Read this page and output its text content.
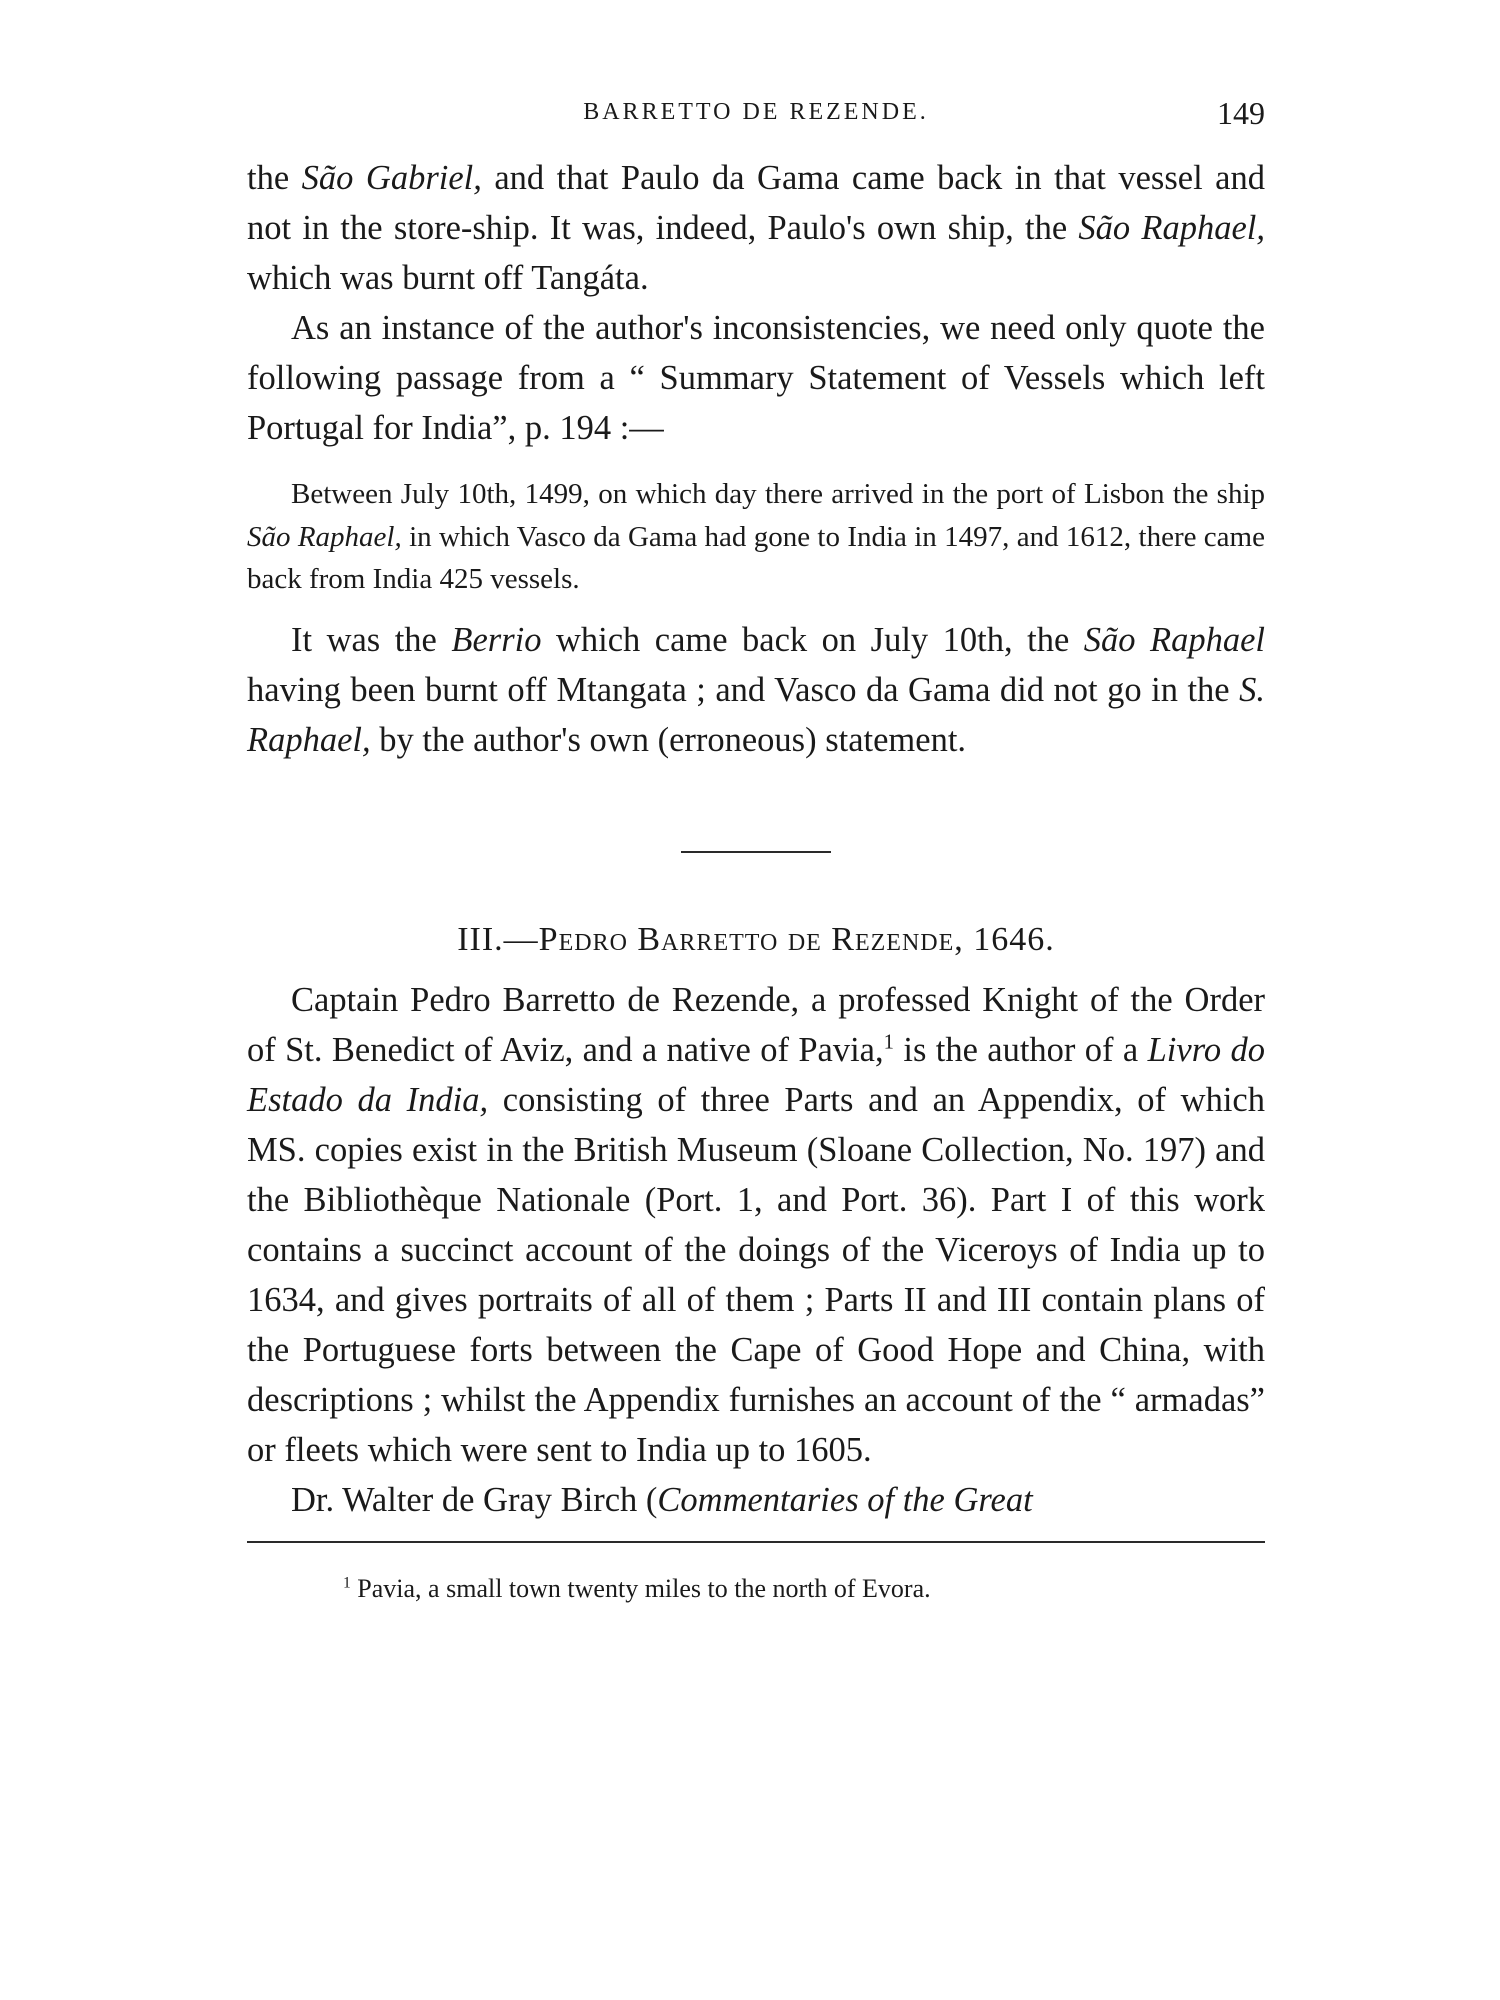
BARRETTO DE REZENDE.	149

the São Gabriel, and that Paulo da Gama came back in that vessel and not in the store-ship. It was, indeed, Paulo's own ship, the São Raphael, which was burnt off Tangáta.

As an instance of the author's inconsistencies, we need only quote the following passage from a “ Summary Statement of Vessels which left Portugal for India”, p. 194 :—

Between July 10th, 1499, on which day there arrived in the port of Lisbon the ship São Raphael, in which Vasco da Gama had gone to India in 1497, and 1612, there came back from India 425 vessels.

It was the Berrio which came back on July 10th, the São Raphael having been burnt off Mtangata ; and Vasco da Gama did not go in the S. Raphael, by the author's own (erroneous) statement.

III.—Pedro Barretto de Rezende, 1646.

Captain Pedro Barretto de Rezende, a professed Knight of the Order of St. Benedict of Aviz, and a native of Pavia,$^1$ is the author of a Livro do Estado da India, consisting of three Parts and an Appendix, of which MS. copies exist in the British Museum (Sloane Collection, No. 197) and the Bibliothèque Nationale (Port. 1, and Port. 36). Part I of this work contains a succinct account of the doings of the Viceroys of India up to 1634, and gives portraits of all of them ; Parts II and III contain plans of the Portuguese forts between the Cape of Good Hope and China, with descriptions ; whilst the Appendix furnishes an account of the “ armadas” or fleets which were sent to India up to 1605.

Dr. Walter de Gray Birch (Commentaries of the Great

$^1$ Pavia, a small town twenty miles to the north of Evora.
